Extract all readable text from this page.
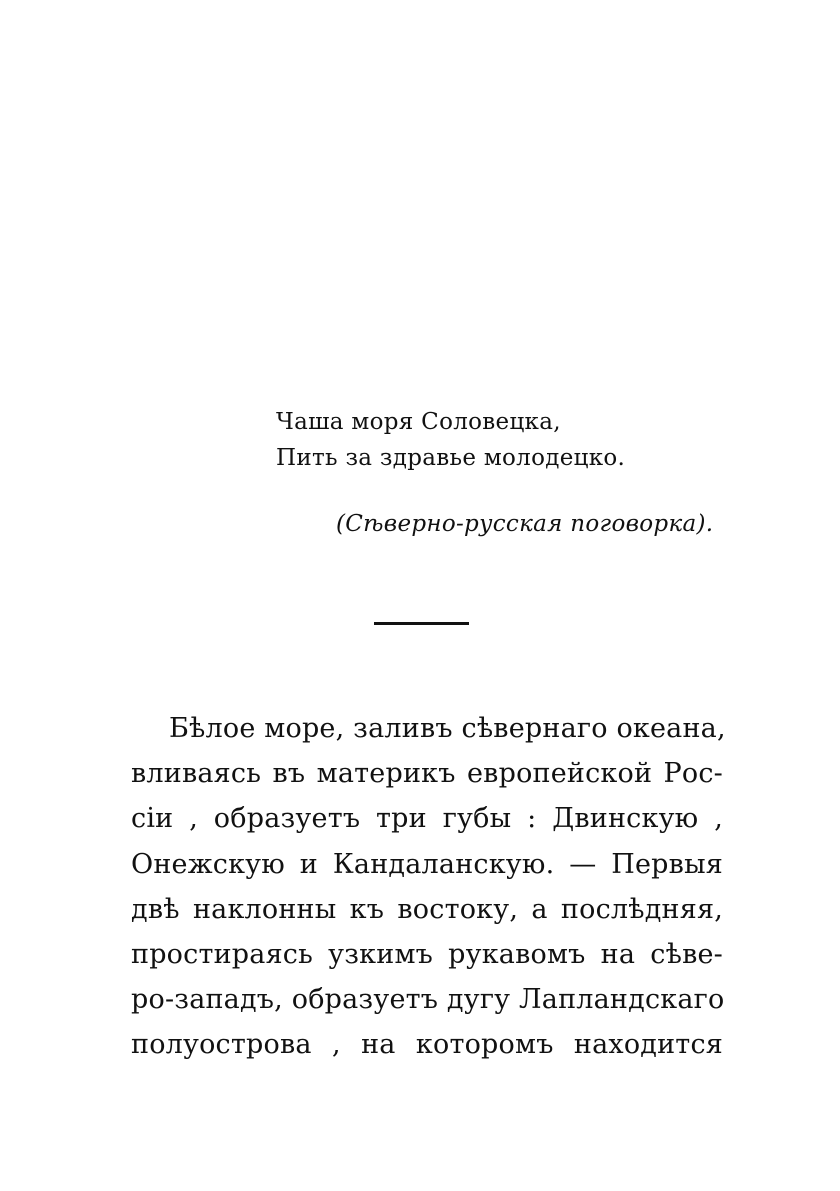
Чаша моря Соловецка,
Пить за здравье молодецко.
(Сѣверно-русская поговорка).
Бѣлое море, заливъ сѣвернаго океана,
вливаясь въ материкъ европейской Рос-
сіи , образуетъ три губы : Двинскую ,
Онежскую и Кандаланскую. — Первыя
двѣ наклонны къ востоку, а послѣдняя,
простираясь узкимъ рукавомъ на сѣве-
ро-западъ, образуетъ дугу Лапландскаго
полуострова , на которомъ находится
